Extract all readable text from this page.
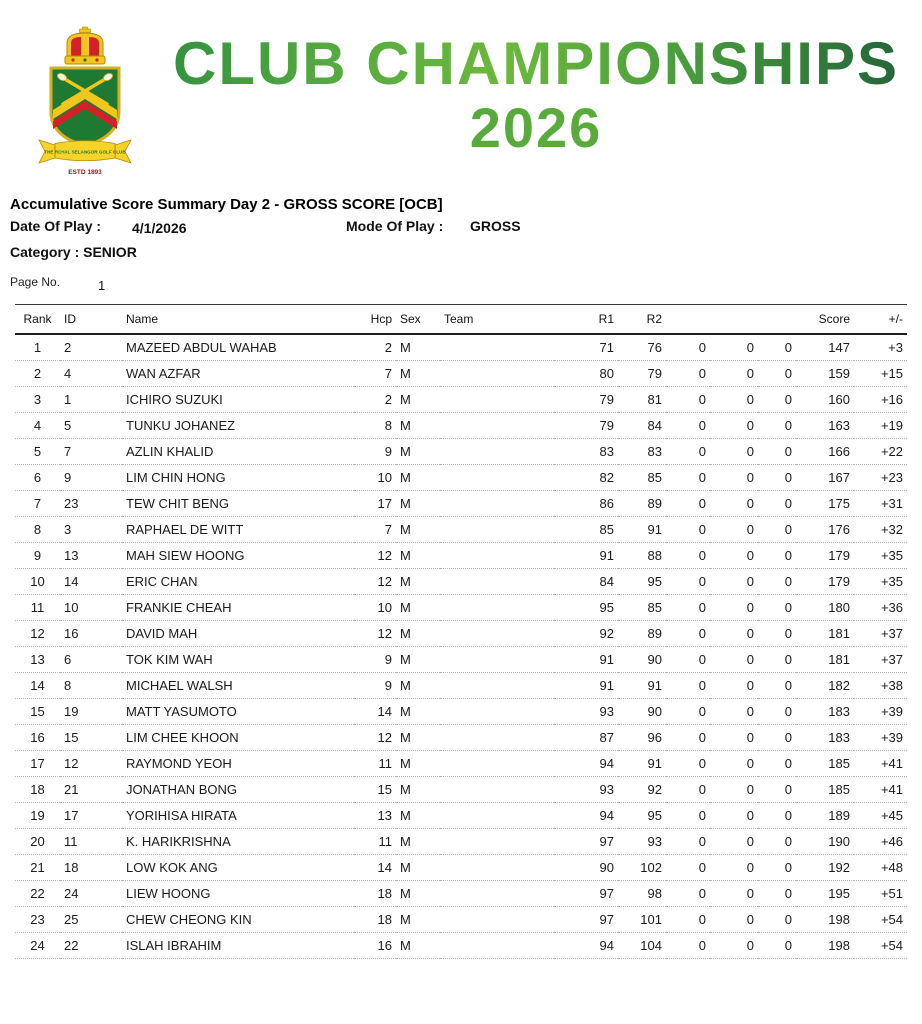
THE ROYAL SELANGOR GOLF CLUB
ESTD 1893
CLUB CHAMPIONSHIPS
2026
Accumulative Score Summary Day 2 - GROSS SCORE [OCB]
Date Of Play : 4/1/2026	Mode Of Play : GROSS
Category : SENIOR
Page No.	1
Rank	ID	Name	Hcp	Sex	Team	R1	R2				Score	+/-
1	2	MAZEED ABDUL WAHAB	2	M		71	76	0	0	0	147	+3
2	4	WAN AZFAR	7	M		80	79	0	0	0	159	+15
3	1	ICHIRO SUZUKI	2	M		79	81	0	0	0	160	+16
4	5	TUNKU JOHANEZ	8	M		79	84	0	0	0	163	+19
5	7	AZLIN KHALID	9	M		83	83	0	0	0	166	+22
6	9	LIM CHIN HONG	10	M		82	85	0	0	0	167	+23
7	23	TEW CHIT BENG	17	M		86	89	0	0	0	175	+31
8	3	RAPHAEL DE WITT	7	M		85	91	0	0	0	176	+32
9	13	MAH SIEW HOONG	12	M		91	88	0	0	0	179	+35
10	14	ERIC CHAN	12	M		84	95	0	0	0	179	+35
11	10	FRANKIE CHEAH	10	M		95	85	0	0	0	180	+36
12	16	DAVID MAH	12	M		92	89	0	0	0	181	+37
13	6	TOK KIM WAH	9	M		91	90	0	0	0	181	+37
14	8	MICHAEL WALSH	9	M		91	91	0	0	0	182	+38
15	19	MATT YASUMOTO	14	M		93	90	0	0	0	183	+39
16	15	LIM CHEE KHOON	12	M		87	96	0	0	0	183	+39
17	12	RAYMOND YEOH	11	M		94	91	0	0	0	185	+41
18	21	JONATHAN BONG	15	M		93	92	0	0	0	185	+41
19	17	YORIHISA HIRATA	13	M		94	95	0	0	0	189	+45
20	11	K. HARIKRISHNA	11	M		97	93	0	0	0	190	+46
21	18	LOW KOK ANG	14	M		90	102	0	0	0	192	+48
22	24	LIEW HOONG	18	M		97	98	0	0	0	195	+51
23	25	CHEW CHEONG KIN	18	M		97	101	0	0	0	198	+54
24	22	ISLAH IBRAHIM	16	M		94	104	0	0	0	198	+54
